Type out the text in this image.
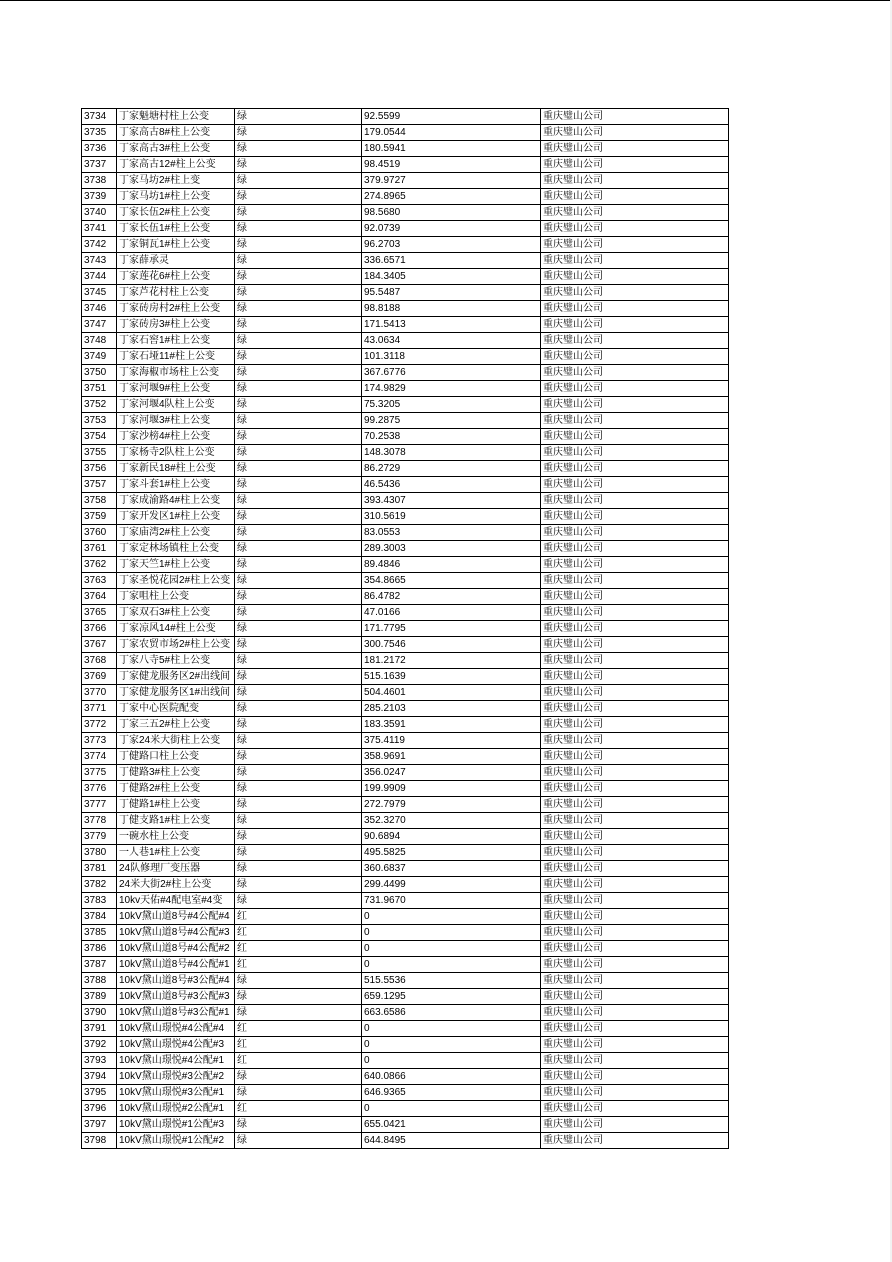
3734	丁家魁塘村柱上公变	绿	92.5599	重庆璧山公司
3735	丁家高古8#柱上公变	绿	179.0544	重庆璧山公司
3736	丁家高古3#柱上公变	绿	180.5941	重庆璧山公司
3737	丁家高古12#柱上公变	绿	98.4519	重庆璧山公司
3738	丁家马坊2#柱上变	绿	379.9727	重庆璧山公司
3739	丁家马坊1#柱上公变	绿	274.8965	重庆璧山公司
3740	丁家长伍2#柱上公变	绿	98.5680	重庆璧山公司
3741	丁家长伍1#柱上公变	绿	92.0739	重庆璧山公司
3742	丁家铜瓦1#柱上公变	绿	96.2703	重庆璧山公司
3743	丁家薛承灵	绿	336.6571	重庆璧山公司
3744	丁家莲花6#柱上公变	绿	184.3405	重庆璧山公司
3745	丁家芦花村柱上公变	绿	95.5487	重庆璧山公司
3746	丁家砖房村2#柱上公变	绿	98.8188	重庆璧山公司
3747	丁家砖房3#柱上公变	绿	171.5413	重庆璧山公司
3748	丁家石窖1#柱上公变	绿	43.0634	重庆璧山公司
3749	丁家石垭11#柱上公变	绿	101.3118	重庆璧山公司
3750	丁家海椒市场柱上公变	绿	367.6776	重庆璧山公司
3751	丁家河堰9#柱上公变	绿	174.9829	重庆璧山公司
3752	丁家河堰4队柱上公变	绿	75.3205	重庆璧山公司
3753	丁家河堰3#柱上公变	绿	99.2875	重庆璧山公司
3754	丁家沙榜4#柱上公变	绿	70.2538	重庆璧山公司
3755	丁家杨寺2队柱上公变	绿	148.3078	重庆璧山公司
3756	丁家新民18#柱上公变	绿	86.2729	重庆璧山公司
3757	丁家斗套1#柱上公变	绿	46.5436	重庆璧山公司
3758	丁家成渝路4#柱上公变	绿	393.4307	重庆璧山公司
3759	丁家开发区1#柱上公变	绿	310.5619	重庆璧山公司
3760	丁家庙湾2#柱上公变	绿	83.0553	重庆璧山公司
3761	丁家定林场镇柱上公变	绿	289.3003	重庆璧山公司
3762	丁家天竺1#柱上公变	绿	89.4846	重庆璧山公司
3763	丁家圣悦花园2#柱上公变	绿	354.8665	重庆璧山公司
3764	丁家咀柱上公变	绿	86.4782	重庆璧山公司
3765	丁家双石3#柱上公变	绿	47.0166	重庆璧山公司
3766	丁家凉风14#柱上公变	绿	171.7795	重庆璧山公司
3767	丁家农贸市场2#柱上公变	绿	300.7546	重庆璧山公司
3768	丁家八寺5#柱上公变	绿	181.2172	重庆璧山公司
3769	丁家健龙服务区2#出线间	绿	515.1639	重庆璧山公司
3770	丁家健龙服务区1#出线间	绿	504.4601	重庆璧山公司
3771	丁家中心医院配变	绿	285.2103	重庆璧山公司
3772	丁家三五2#柱上公变	绿	183.3591	重庆璧山公司
3773	丁家24米大街柱上公变	绿	375.4119	重庆璧山公司
3774	丁健路口柱上公变	绿	358.9691	重庆璧山公司
3775	丁健路3#柱上公变	绿	356.0247	重庆璧山公司
3776	丁健路2#柱上公变	绿	199.9909	重庆璧山公司
3777	丁健路1#柱上公变	绿	272.7979	重庆璧山公司
3778	丁健支路1#柱上公变	绿	352.3270	重庆璧山公司
3779	一碗水柱上公变	绿	90.6894	重庆璧山公司
3780	一人巷1#柱上公变	绿	495.5825	重庆璧山公司
3781	24队修理厂变压器	绿	360.6837	重庆璧山公司
3782	24米大街2#柱上公变	绿	299.4499	重庆璧山公司
3783	10kv天佑#4配电室#4变	绿	731.9670	重庆璧山公司
3784	10kV黛山道8号#4公配#4	红	0	重庆璧山公司
3785	10kV黛山道8号#4公配#3	红	0	重庆璧山公司
3786	10kV黛山道8号#4公配#2	红	0	重庆璧山公司
3787	10kV黛山道8号#4公配#1	红	0	重庆璧山公司
3788	10kV黛山道8号#3公配#4	绿	515.5536	重庆璧山公司
3789	10kV黛山道8号#3公配#3	绿	659.1295	重庆璧山公司
3790	10kV黛山道8号#3公配#1	绿	663.6586	重庆璧山公司
3791	10kV黛山璟悦#4公配#4	红	0	重庆璧山公司
3792	10kV黛山璟悦#4公配#3	红	0	重庆璧山公司
3793	10kV黛山璟悦#4公配#1	红	0	重庆璧山公司
3794	10kV黛山璟悦#3公配#2	绿	640.0866	重庆璧山公司
3795	10kV黛山璟悦#3公配#1	绿	646.9365	重庆璧山公司
3796	10kV黛山璟悦#2公配#1	红	0	重庆璧山公司
3797	10kV黛山璟悦#1公配#3	绿	655.0421	重庆璧山公司
3798	10kV黛山璟悦#1公配#2	绿	644.8495	重庆璧山公司
